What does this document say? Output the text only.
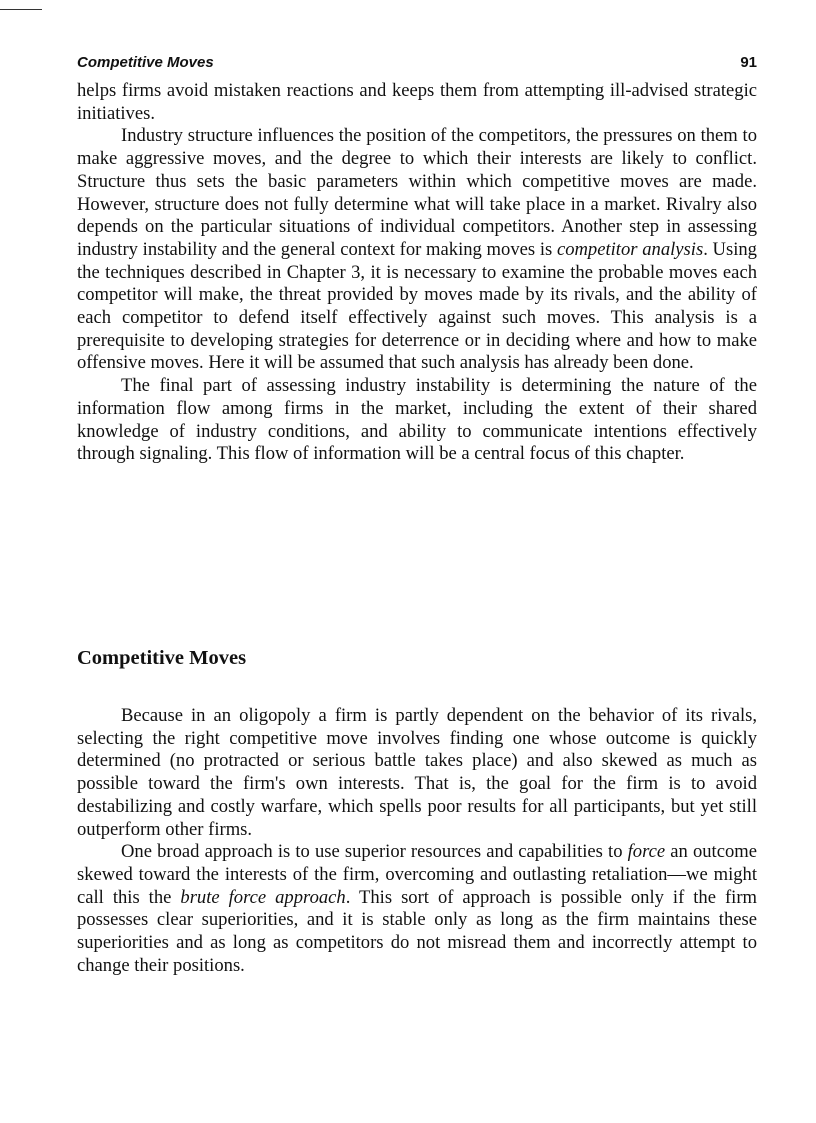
Competitive Moves	91

helps firms avoid mistaken reactions and keeps them from attempting ill-advised strategic initiatives.

Industry structure influences the position of the competitors, the pressures on them to make aggressive moves, and the degree to which their interests are likely to conflict. Structure thus sets the basic parameters within which competitive moves are made. However, structure does not fully determine what will take place in a market. Rivalry also depends on the particular situations of individual competitors. Another step in assessing industry instability and the general context for making moves is competitor analysis. Using the techniques described in Chapter 3, it is necessary to examine the probable moves each competitor will make, the threat provided by moves made by its rivals, and the ability of each competitor to defend itself effectively against such moves. This analysis is a prerequisite to developing strategies for deterrence or in deciding where and how to make offensive moves. Here it will be assumed that such analysis has already been done.

The final part of assessing industry instability is determining the nature of the information flow among firms in the market, including the extent of their shared knowledge of industry conditions, and ability to communicate intentions effectively through signaling. This flow of information will be a central focus of this chapter.

Competitive Moves

Because in an oligopoly a firm is partly dependent on the behavior of its rivals, selecting the right competitive move involves finding one whose outcome is quickly determined (no protracted or serious battle takes place) and also skewed as much as possible toward the firm's own interests. That is, the goal for the firm is to avoid destabilizing and costly warfare, which spells poor results for all participants, but yet still outperform other firms.

One broad approach is to use superior resources and capabilities to force an outcome skewed toward the interests of the firm, overcoming and outlasting retaliation—we might call this the brute force approach. This sort of approach is possible only if the firm possesses clear superiorities, and it is stable only as long as the firm maintains these superiorities and as long as competitors do not misread them and incorrectly attempt to change their positions.
